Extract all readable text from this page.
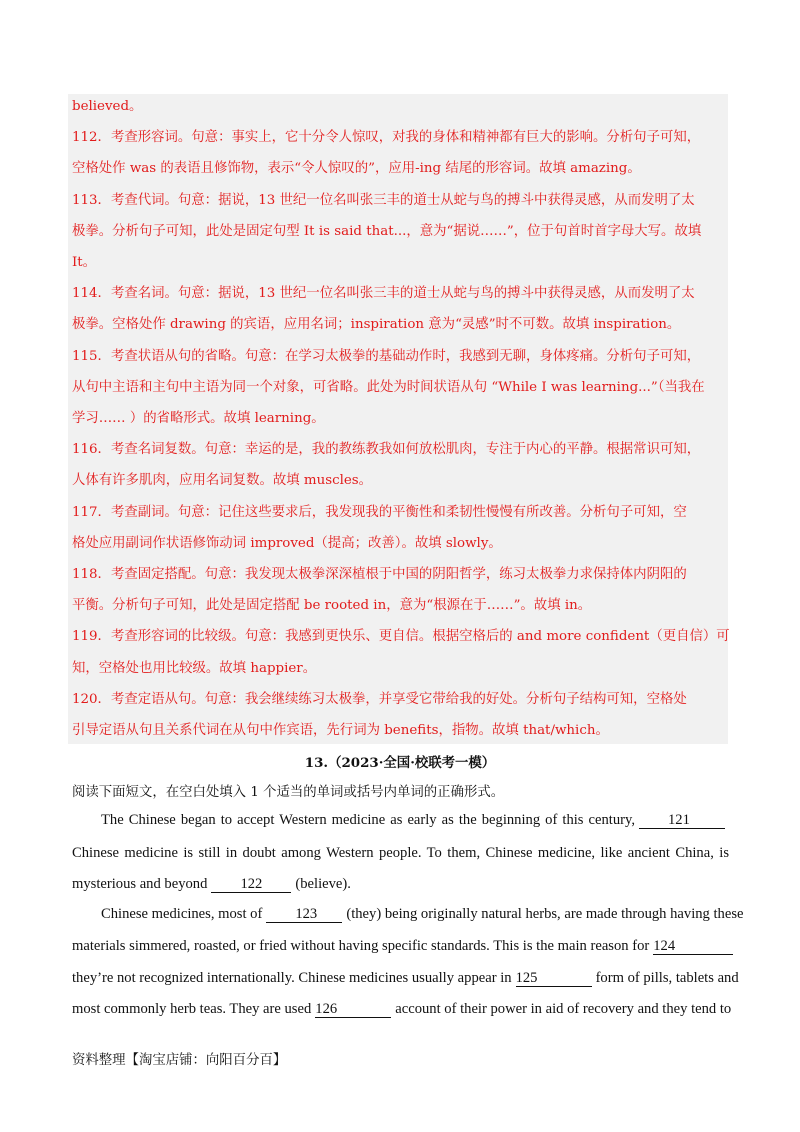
believed。
112．考查形容词。句意：事实上，它十分令人惊叹，对我的身体和精神都有巨大的影响。分析句子可知，
空格处作 was 的表语且修饰物，表示“令人惊叹的”，应用-ing 结尾的形容词。故填 amazing。
113．考查代词。句意：据说，13 世纪一位名叫张三丰的道士从蛇与鸟的搏斗中获得灵感，从而发明了太
极拳。分析句子可知，此处是固定句型 It is said that...，意为“据说……”，位于句首时首字母大写。故填
It。
114．考查名词。句意：据说，13 世纪一位名叫张三丰的道士从蛇与鸟的搏斗中获得灵感，从而发明了太
极拳。空格处作 drawing 的宾语，应用名词；inspiration 意为“灵感”时不可数。故填 inspiration。
115．考查状语从句的省略。句意：在学习太极拳的基础动作时，我感到无聊，身体疼痛。分析句子可知，
从句中主语和主句中主语为同一个对象，可省略。此处为时间状语从句 “While I was learning...”（当我在
学习…… ）的省略形式。故填 learning。
116．考查名词复数。句意：幸运的是，我的教练教我如何放松肌肉，专注于内心的平静。根据常识可知，
人体有许多肌肉，应用名词复数。故填 muscles。
117．考查副词。句意：记住这些要求后，我发现我的平衡性和柔韧性慢慢有所改善。分析句子可知，空
格处应用副词作状语修饰动词 improved（提高；改善）。故填 slowly。
118．考查固定搭配。句意：我发现太极拳深深植根于中国的阴阳哲学，练习太极拳力求保持体内阴阳的
平衡。分析句子可知，此处是固定搭配 be rooted in，意为“根源在于……”。故填 in。
119．考查形容词的比较级。句意：我感到更快乐、更自信。根据空格后的 and more confident（更自信）可
知，空格处也用比较级。故填 happier。
120．考查定语从句。句意：我会继续练习太极拳，并享受它带给我的好处。分析句子结构可知，空格处
引导定语从句且关系代词在从句中作宾语，先行词为 benefits，指物。故填 that/which。
13.（2023·全国·校联考一模）
阅读下面短文，在空白处填入 1 个适当的单词或括号内单词的正确形式。
The Chinese began to accept Western medicine as early as the beginning of this century, 121
Chinese medicine is still in doubt among Western people. To them, Chinese medicine, like ancient China, is
mysterious and beyond 122 (believe).
Chinese medicines, most of 123 (they) being originally natural herbs, are made through having these
materials simmered, roasted, or fried without having specific standards. This is the main reason for 124
they’re not recognized internationally. Chinese medicines usually appear in 125	form of pills, tablets and
most commonly herb teas. They are used 126	account of their power in aid of recovery and they tend to
资料整理【淘宝店铺：向阳百分百】
